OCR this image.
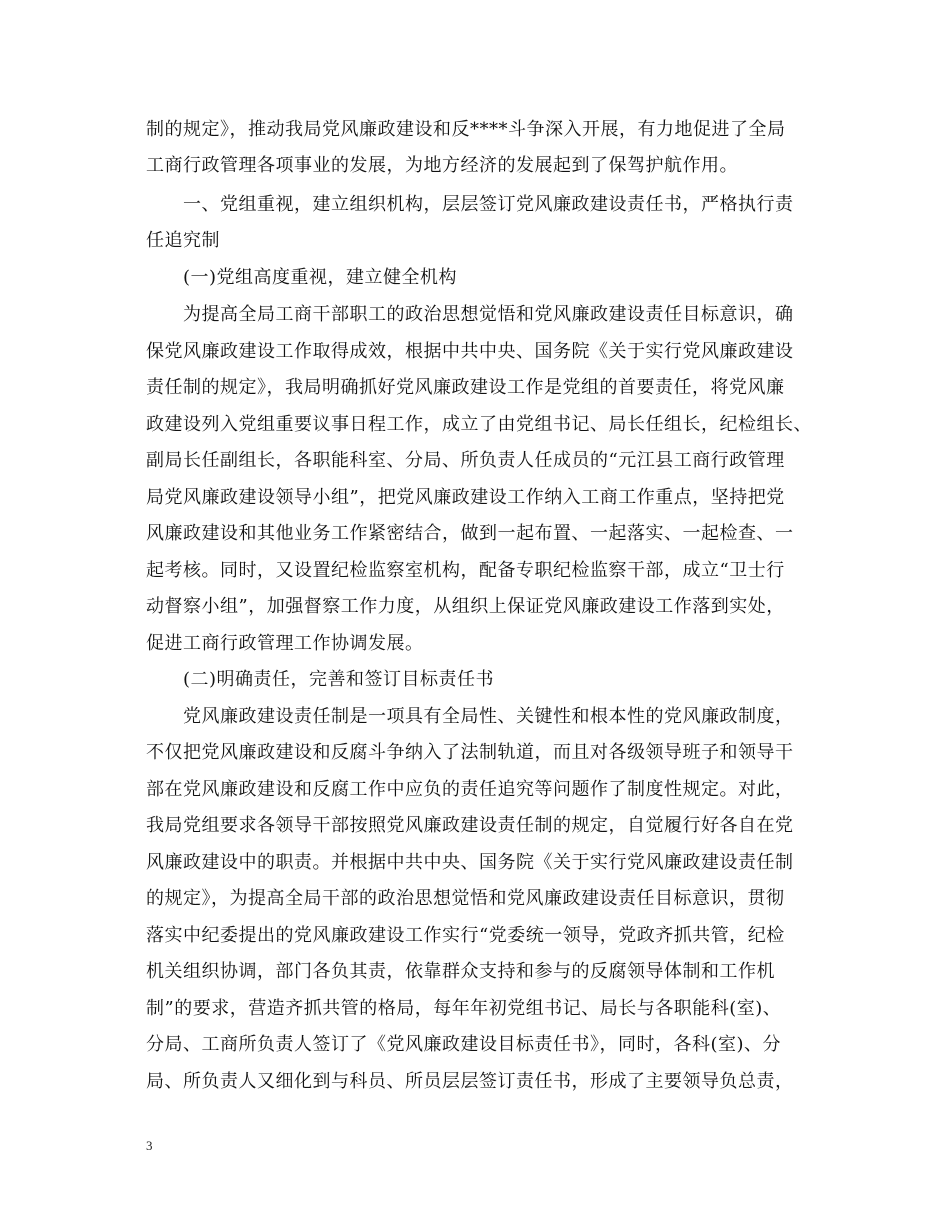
制的规定》，推动我局党风廉政建设和反****斗争深入开展，有力地促进了全局
工商行政管理各项事业的发展，为地方经济的发展起到了保驾护航作用。
一、党组重视，建立组织机构，层层签订党风廉政建设责任书，严格执行责
任追究制
(一)党组高度重视，建立健全机构
为提高全局工商干部职工的政治思想觉悟和党风廉政建设责任目标意识，确
保党风廉政建设工作取得成效，根据中共中央、国务院《关于实行党风廉政建设
责任制的规定》，我局明确抓好党风廉政建设工作是党组的首要责任，将党风廉
政建设列入党组重要议事日程工作，成立了由党组书记、局长任组长，纪检组长、
副局长任副组长，各职能科室、分局、所负责人任成员的“元江县工商行政管理
局党风廉政建设领导小组”，把党风廉政建设工作纳入工商工作重点，坚持把党
风廉政建设和其他业务工作紧密结合，做到一起布置、一起落实、一起检查、一
起考核。同时，又设置纪检监察室机构，配备专职纪检监察干部，成立“卫士行
动督察小组”，加强督察工作力度，从组织上保证党风廉政建设工作落到实处，
促进工商行政管理工作协调发展。
(二)明确责任，完善和签订目标责任书
党风廉政建设责任制是一项具有全局性、关键性和根本性的党风廉政制度，
不仅把党风廉政建设和反腐斗争纳入了法制轨道，而且对各级领导班子和领导干
部在党风廉政建设和反腐工作中应负的责任追究等问题作了制度性规定。对此，
我局党组要求各领导干部按照党风廉政建设责任制的规定，自觉履行好各自在党
风廉政建设中的职责。并根据中共中央、国务院《关于实行党风廉政建设责任制
的规定》，为提高全局干部的政治思想觉悟和党风廉政建设责任目标意识，贯彻
落实中纪委提出的党风廉政建设工作实行“党委统一领导，党政齐抓共管，纪检
机关组织协调，部门各负其责，依靠群众支持和参与的反腐领导体制和工作机
制”的要求，营造齐抓共管的格局，每年年初党组书记、局长与各职能科(室)、
分局、工商所负责人签订了《党风廉政建设目标责任书》，同时，各科(室)、分
局、所负责人又细化到与科员、所员层层签订责任书，形成了主要领导负总责，
3
